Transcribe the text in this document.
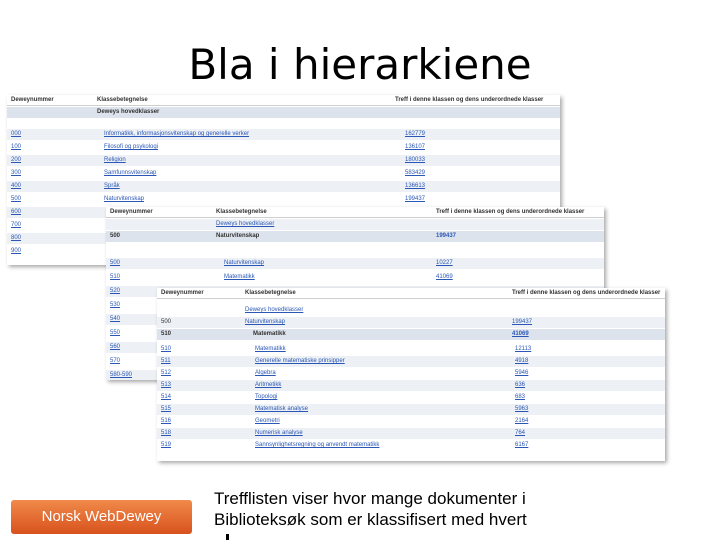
Bla i hierarkiene
Deweynummer	Klassebetegnelse	Treff i denne klassen og dens underordnede klasser
Deweys hovedklasser
000	Informatikk, informasjonsvitenskap og generelle verker	162779
100	Filosofi og psykologi	136107
200	Religion	180033
300	Samfunnsvitenskap	583429
400	Språk	136613
500	Naturvitenskap	199437
600
700
800
900
Deweynummer	Klassebetegnelse	Treff i denne klassen og dens underordnede klasser
Deweys hovedklasser
500	Naturvitenskap	199437
500	Naturvitenskap	10227
510	Matematikk	41069
520
530
540
550
560
570
580-590
Deweynummer	Klassebetegnelse	Treff i denne klassen og dens underordnede klasser
Deweys hovedklasser
500	Naturvitenskap	199437
510	Matematikk	41069
510	Matematikk	12113
511	Generelle matematiske prinsipper	4918
512	Algebra	5946
513	Aritmetikk	636
514	Topologi	683
515	Matematisk analyse	5963
516	Geometri	2164
518	Numerisk analyse	764
519	Sannsynlighetsregning og anvendt matematikk	6167
Norsk WebDewey
Trefflisten viser hvor mange dokumenter i Biblioteksøk som er klassifisert med hvert
